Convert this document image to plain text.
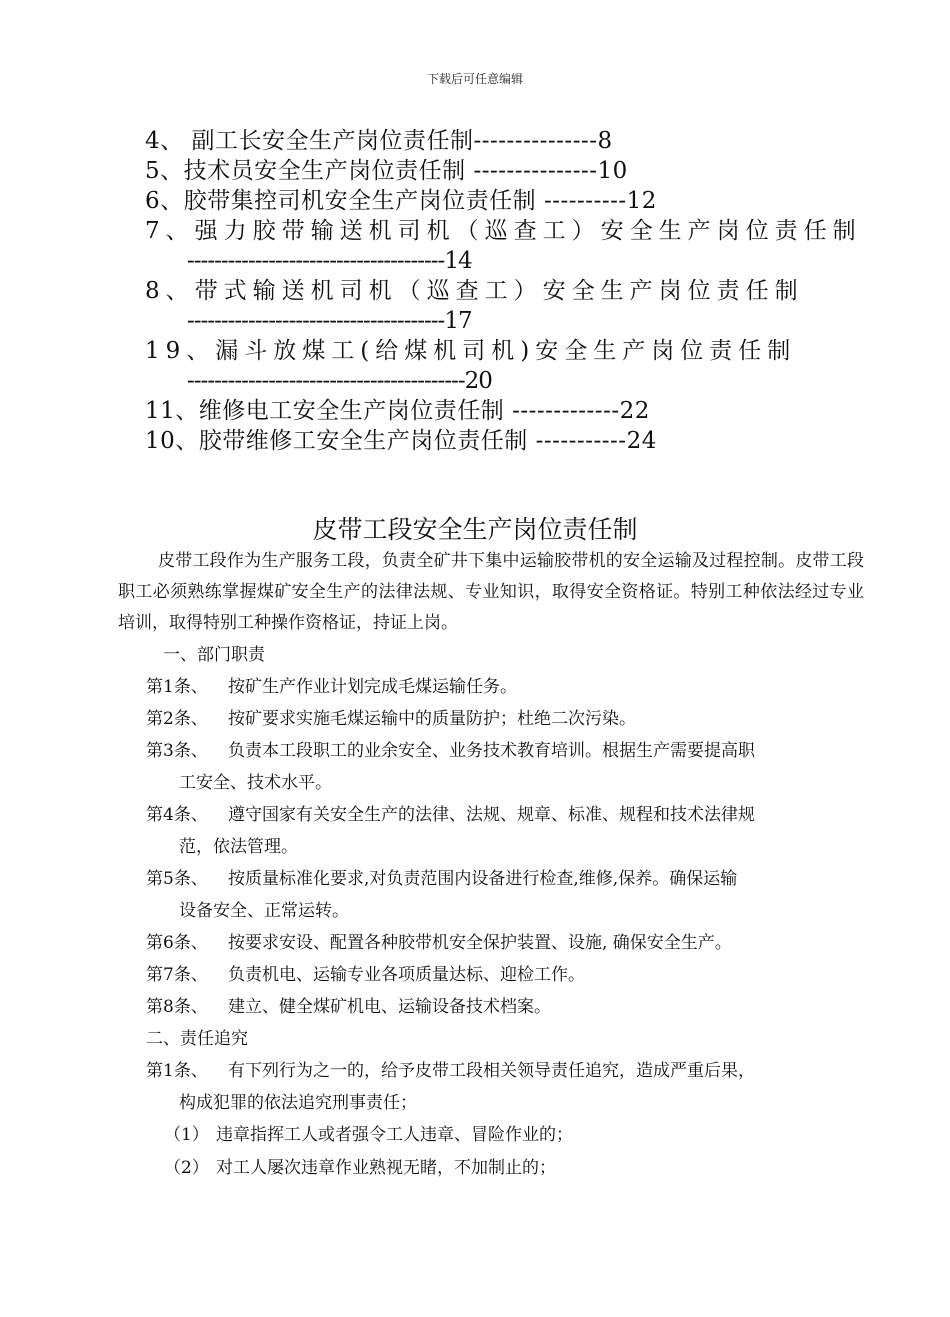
下载后可任意编辑
4、 副工长安全生产岗位责任制---------------8
5、技术员安全生产岗位责任制 ---------------10
6、胶带集控司机安全生产岗位责任制 ----------12
7、强力胶带输送机司机（巡查工）安全生产岗位责任制
--------------------------------------14
8、带式输送机司机（巡查工）安全生产岗位责任制
--------------------------------------17
19、漏斗放煤工(给煤机司机)安全生产岗位责任制
-----------------------------------------20
11、维修电工安全生产岗位责任制 -------------22
10、胶带维修工安全生产岗位责任制 -----------24
皮带工段安全生产岗位责任制

皮带工段作为生产服务工段，负责全矿井下集中运输胶带机的安全运输及过程控制。皮带工段职工必须熟练掌握煤矿安全生产的法律法规、专业知识，取得安全资格证。特别工种依法经过专业培训，取得特别工种操作资格证，持证上岗。

一、部门职责

第1条、 按矿生产作业计划完成毛煤运输任务。

第2条、 按矿要求实施毛煤运输中的质量防护；杜绝二次污染。

第3条、 负责本工段职工的业余安全、业务技术教育培训。根据生产需要提高职
工安全、技术水平。

第4条、 遵守国家有关安全生产的法律、法规、规章、标准、规程和技术法律规
范，依法管理。

第5条、 按质量标准化要求,对负责范围内设备进行检查,维修,保养。确保运输
设备安全、正常运转。

第6条、 按要求安设、配置各种胶带机安全保护装置、设施, 确保安全生产。

第7条、 负责机电、运输专业各项质量达标、迎检工作。

第8条、 建立、健全煤矿机电、运输设备技术档案。

二、责任追究

第1条、 有下列行为之一的，给予皮带工段相关领导责任追究，造成严重后果，
构成犯罪的依法追究刑事责任；

（1） 违章指挥工人或者强令工人违章、冒险作业的；

（2） 对工人屡次违章作业熟视无睹，不加制止的；
